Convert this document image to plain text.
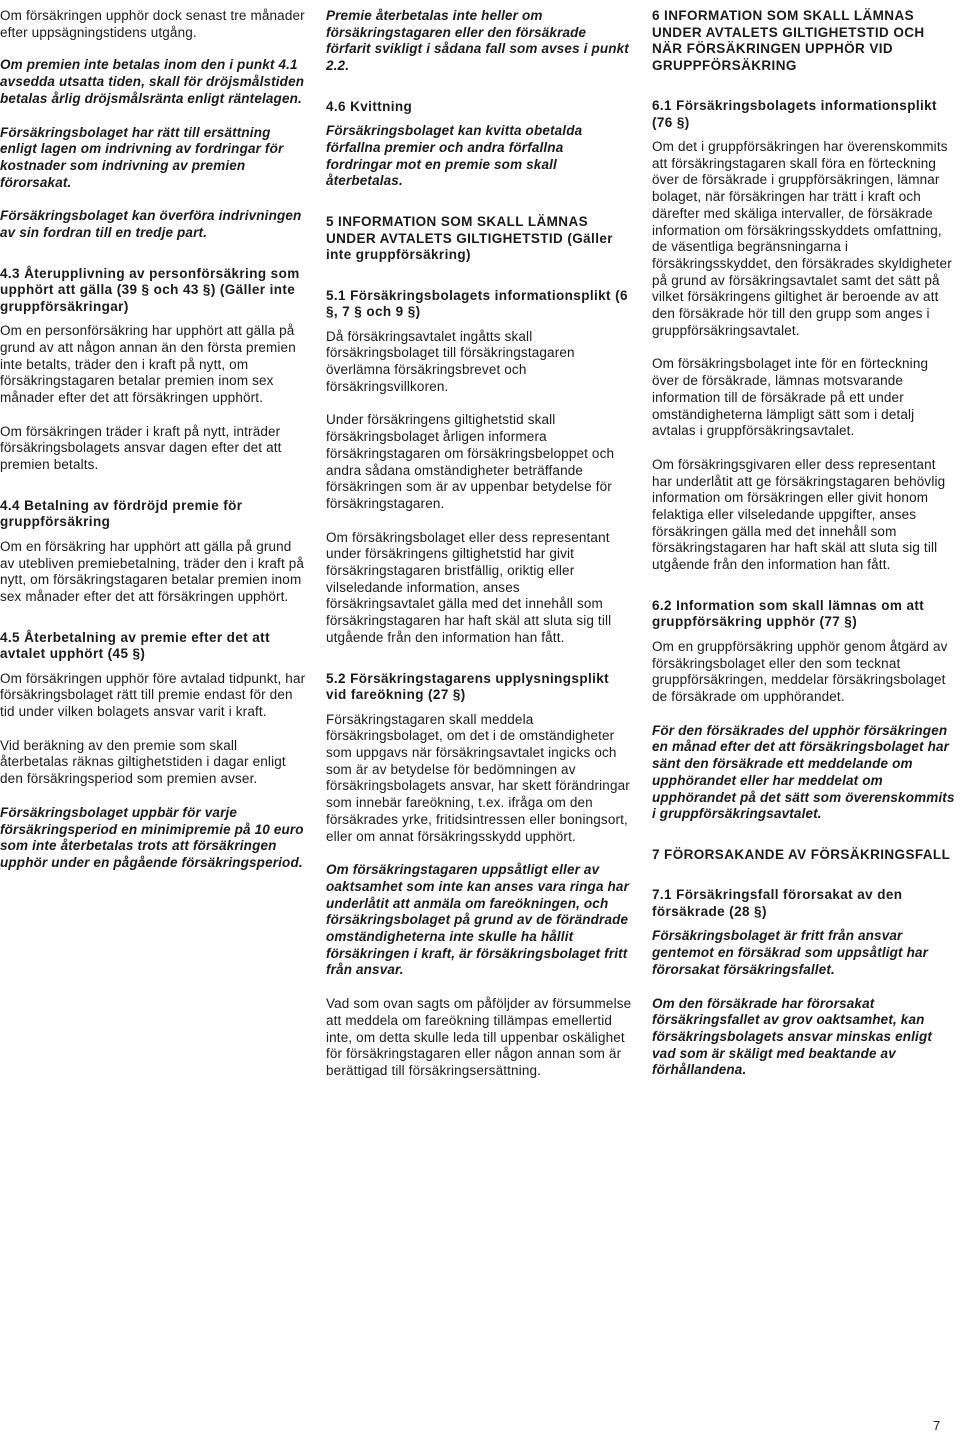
Om försäkringen upphör dock senast tre månader efter uppsägningstidens utgång.

Om premien inte betalas inom den i punkt 4.1 avsedda utsatta tiden, skall för dröjsmålstiden betalas årlig dröjsmålsränta enligt räntelagen.

Försäkringsbolaget har rätt till ersättning enligt lagen om indrivning av fordringar för kostnader som indrivning av premien förorsakat.

Försäkringsbolaget kan överföra indrivningen av sin fordran till en tredje part.

4.3 Återupplivning av personförsäkring som upphört att gälla (39 § och 43 §) (Gäller inte gruppförsäkringar)

Om en personförsäkring har upphört att gälla på grund av att någon annan än den första premien inte betalts, träder den i kraft på nytt, om försäkringstagaren betalar premien inom sex månader efter det att försäkringen upphört.

Om försäkringen träder i kraft på nytt, inträder försäkringsbolagets ansvar dagen efter det att premien betalts.

4.4 Betalning av fördröjd premie för gruppförsäkring

Om en försäkring har upphört att gälla på grund av utebliven premiebetalning, träder den i kraft på nytt, om försäkringstagaren betalar premien inom sex månader efter det att försäkringen upphört.

4.5 Återbetalning av premie efter det att avtalet upphört (45 §)

Om försäkringen upphör före avtalad tidpunkt, har försäkringsbolaget rätt till premie endast för den tid under vilken bolagets ansvar varit i kraft.

Vid beräkning av den premie som skall återbetalas räknas giltighetstiden i dagar enligt den försäkringsperiod som premien avser.

Försäkringsbolaget uppbär för varje försäkringsperiod en minimipremie på 10 euro som inte återbetalas trots att försäkringen upphör under en pågående försäkringsperiod.

Premie återbetalas inte heller om försäkringstagaren eller den försäkrade förfarit svikligt i sådana fall som avses i punkt 2.2.

4.6 Kvittning

Försäkringsbolaget kan kvitta obetalda förfallna premier och andra förfallna fordringar mot en premie som skall återbetalas.

5 INFORMATION SOM SKALL LÄMNAS UNDER AVTALETS GILTIGHETSTID (Gäller inte gruppförsäkring)

5.1 Försäkringsbolagets informationsplikt (6 §, 7 § och 9 §)

Då försäkringsavtalet ingåtts skall försäkringsbolaget till försäkringstagaren överlämna försäkringsbrevet och försäkringsvillkoren.

Under försäkringens giltighetstid skall försäkringsbolaget årligen informera försäkringstagaren om försäkringsbeloppet och andra sådana omständigheter beträffande försäkringen som är av uppenbar betydelse för försäkringstagaren.

Om försäkringsbolaget eller dess representant under försäkringens giltighetstid har givit försäkringstagaren bristfällig, oriktig eller vilseledande information, anses försäkringsavtalet gälla med det innehåll som försäkringstagaren har haft skäl att sluta sig till utgående från den information han fått.

5.2 Försäkringstagarens upplysningsplikt vid fareökning (27 §)

Försäkringstagaren skall meddela försäkringsbolaget, om det i de omständigheter som uppgavs när försäkringsavtalet ingicks och som är av betydelse för bedömningen av försäkringsbolagets ansvar, har skett förändringar som innebär fareökning, t.ex. ifråga om den försäkrades yrke, fritidsintressen eller boningsort, eller om annat försäkringsskydd upphört.

Om försäkringstagaren uppsåtligt eller av oaktsamhet som inte kan anses vara ringa har underlåtit att anmäla om fareökningen, och försäkringsbolaget på grund av de förändrade omständigheterna inte skulle ha hållit försäkringen i kraft, är försäkringsbolaget fritt från ansvar.

Vad som ovan sagts om påföljder av försummelse att meddela om fareökning tillämpas emellertid inte, om detta skulle leda till uppenbar oskälighet för försäkringstagaren eller någon annan som är berättigad till försäkringsersättning.

6 INFORMATION SOM SKALL LÄMNAS UNDER AVTALETS GILTIGHETSTID OCH NÄR FÖRSÄKRINGEN UPPHÖR VID GRUPPFÖRSÄKRING

6.1 Försäkringsbolagets informationsplikt (76 §)

Om det i gruppförsäkringen har överenskommits att försäkringstagaren skall föra en förteckning över de försäkrade i gruppförsäkringen, lämnar bolaget, när försäkringen har trätt i kraft och därefter med skäliga intervaller, de försäkrade information om försäkringsskyddets omfattning, de väsentliga begränsningarna i försäkringsskyddet, den försäkrades skyldigheter på grund av försäkringsavtalet samt det sätt på vilket försäkringens giltighet är beroende av att den försäkrade hör till den grupp som anges i gruppförsäkringsavtalet.

Om försäkringsbolaget inte för en förteckning över de försäkrade, lämnas motsvarande information till de försäkrade på ett under omständigheterna lämpligt sätt som i detalj avtalas i gruppförsäkringsavtalet.

Om försäkringsgivaren eller dess representant har underlåtit att ge försäkringstagaren behövlig information om försäkringen eller givit honom felaktiga eller vilseledande uppgifter, anses försäkringen gälla med det innehåll som försäkringstagaren har haft skäl att sluta sig till utgående från den information han fått.

6.2 Information som skall lämnas om att gruppförsäkring upphör (77 §)

Om en gruppförsäkring upphör genom åtgärd av försäkringsbolaget eller den som tecknat gruppförsäkringen, meddelar försäkringsbolaget de försäkrade om upphörandet.

För den försäkrades del upphör försäkringen en månad efter det att försäkringsbolaget har sänt den försäkrade ett meddelande om upphörandet eller har meddelat om upphörandet på det sätt som överenskommits i gruppförsäkringsavtalet.

7 FÖRORSAKANDE AV FÖRSÄKRINGSFALL

7.1 Försäkringsfall förorsakat av den försäkrade (28 §)

Försäkringsbolaget är fritt från ansvar gentemot en försäkrad som uppsåtligt har förorsakat försäkringsfallet.

Om den försäkrade har förorsakat försäkringsfallet av grov oaktsamhet, kan försäkringsbolagets ansvar minskas enligt vad som är skäligt med beaktande av förhållandena.

7
